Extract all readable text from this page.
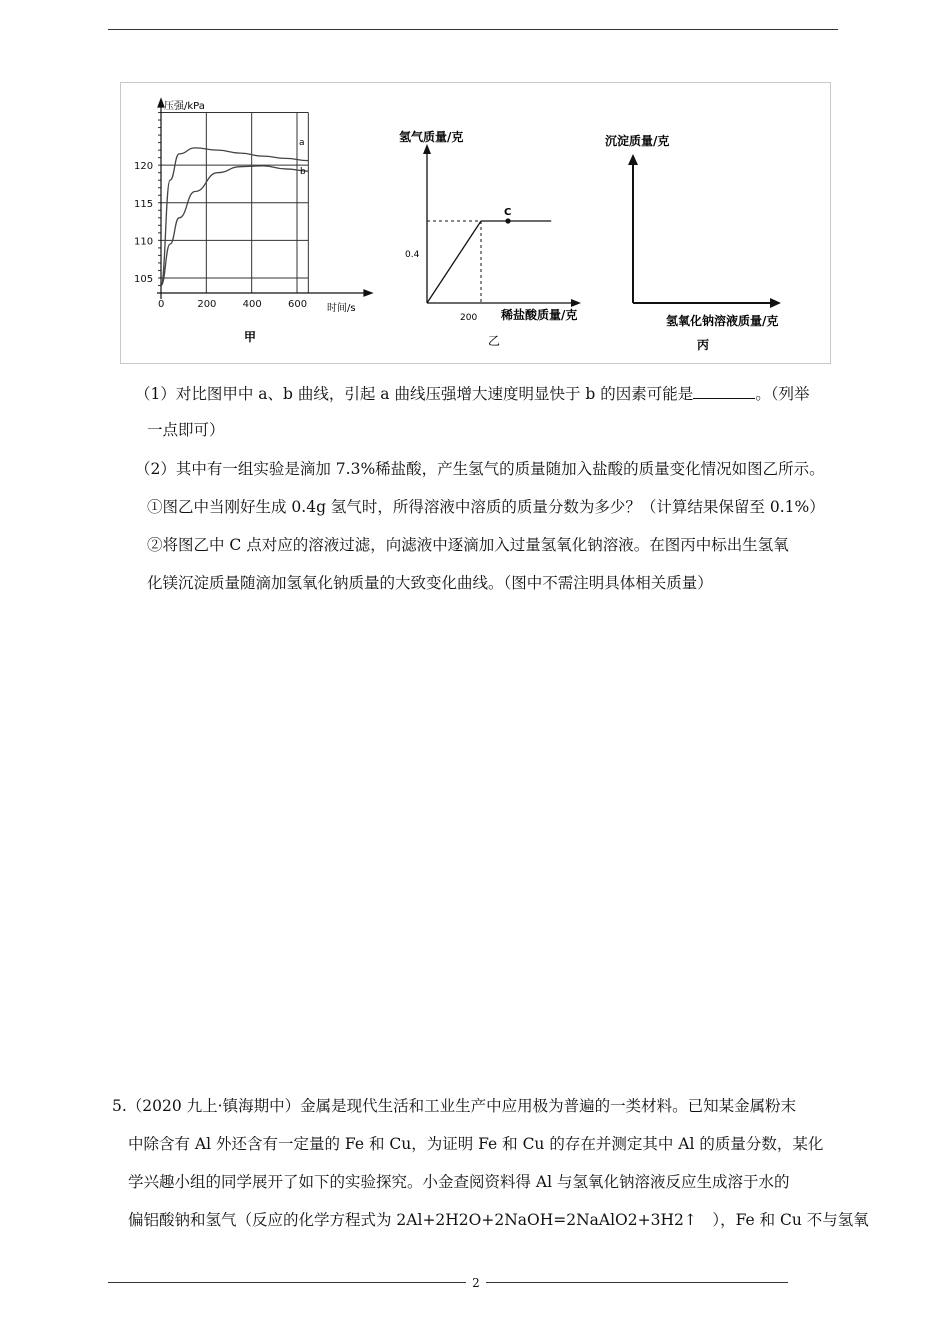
120
115
110
105
0	200	400	600
压强/kPa
时间/s
a
b
甲
C
0.4
200
氢气质量/克
稀盐酸质量/克
乙
沉淀质量/克
氢氧化钠溶液质量/克
丙
（1）对比图甲中 a、b 曲线，引起 a 曲线压强增大速度明显快于 b 的因素可能是	。（列举
一点即可）
（2）其中有一组实验是滴加 7.3%稀盐酸，产生氢气的质量随加入盐酸的质量变化情况如图乙所示。
①图乙中当刚好生成 0.4g 氢气时，所得溶液中溶质的质量分数为多少？（计算结果保留至 0.1%）
②将图乙中 C 点对应的溶液过滤，向滤液中逐滴加入过量氢氧化钠溶液。在图丙中标出生氢氧
化镁沉淀质量随滴加氢氧化钠质量的大致变化曲线。（图中不需注明具体相关质量）
5.（2020 九上·镇海期中）金属是现代生活和工业生产中应用极为普遍的一类材料。已知某金属粉末
中除含有 Al 外还含有一定量的 Fe 和 Cu，为证明 Fe 和 Cu 的存在并测定其中 Al 的质量分数，某化
学兴趣小组的同学展开了如下的实验探究。小金查阅资料得 Al 与氢氧化钠溶液反应生成溶于水的
偏铝酸钠和氢气（反应的化学方程式为 2Al+2H2O+2NaOH=2NaAlO2+3H2↑　），Fe 和 Cu 不与氢氧
2
